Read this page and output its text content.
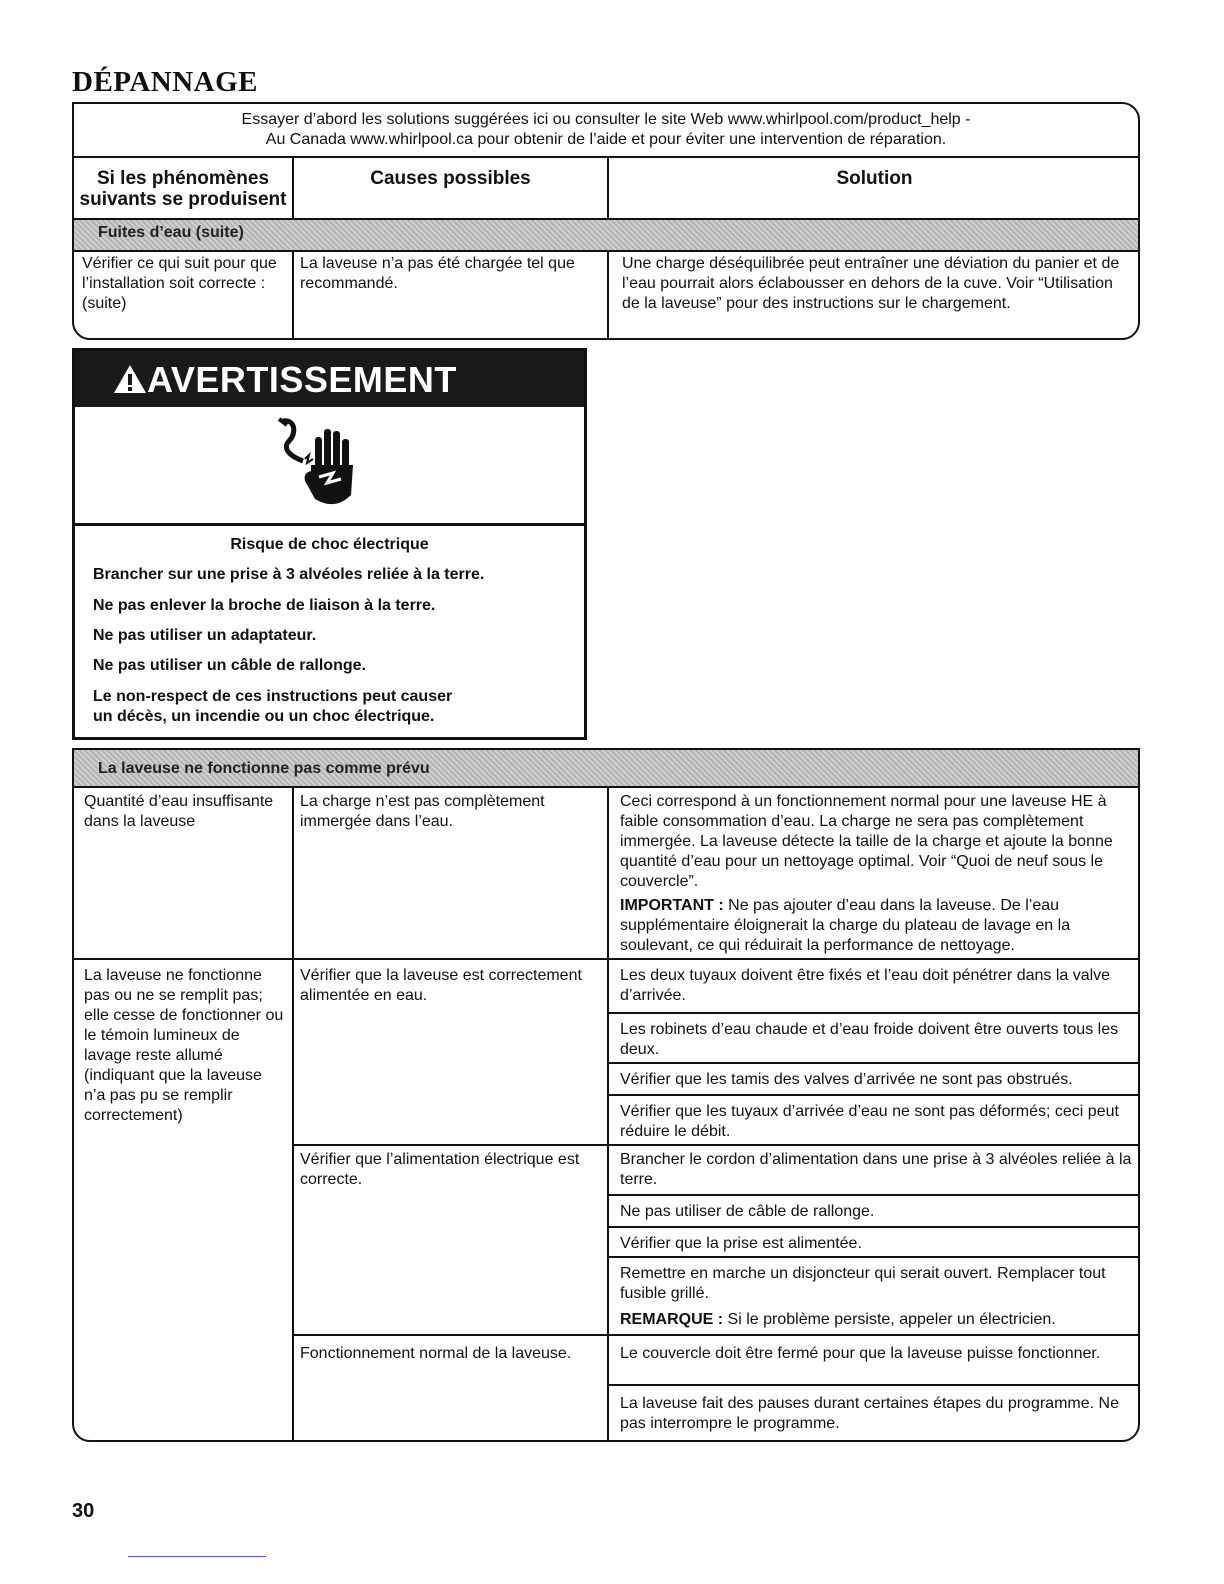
DÉPANNAGE
Essayer d’abord les solutions suggérées ici ou consulter le site Web www.whirlpool.com/product_help -
Au Canada www.whirlpool.ca pour obtenir de l’aide et pour éviter une intervention de réparation.
Si les phénomènes
suivants se produisent
Causes possibles	Solution
Fuites d’eau (suite)
Vérifier ce qui suit pour que l’installation soit correcte : (suite)
La laveuse n’a pas été chargée tel que recommandé.
Une charge déséquilibrée peut entraîner une déviation du panier et de l’eau pourrait alors éclabousser en dehors de la cuve. Voir “Utilisation de la laveuse” pour des instructions sur le chargement.
AVERTISSEMENT
Risque de choc électrique
Brancher sur une prise à 3 alvéoles reliée à la terre.
Ne pas enlever la broche de liaison à la terre.
Ne pas utiliser un adaptateur.
Ne pas utiliser un câble de rallonge.
Le non-respect de ces instructions peut causer
un décès, un incendie ou un choc électrique.
La laveuse ne fonctionne pas comme prévu
Quantité d’eau insuffisante dans la laveuse
La charge n’est pas complètement immergée dans l’eau.
Ceci correspond à un fonctionnement normal pour une laveuse HE à faible consommation d’eau. La charge ne sera pas complètement immergée. La laveuse détecte la taille de la charge et ajoute la bonne quantité d’eau pour un nettoyage optimal. Voir “Quoi de neuf sous le couvercle”.
IMPORTANT : Ne pas ajouter d’eau dans la laveuse. De l’eau supplémentaire éloignerait la charge du plateau de lavage en la soulevant, ce qui réduirait la performance de nettoyage.
La laveuse ne fonctionne pas ou ne se remplit pas; elle cesse de fonctionner ou le témoin lumineux de lavage reste allumé (indiquant que la laveuse n’a pas pu se remplir correctement)
Vérifier que la laveuse est correctement alimentée en eau.
Les deux tuyaux doivent être fixés et l’eau doit pénétrer dans la valve d’arrivée.
Les robinets d’eau chaude et d’eau froide doivent être ouverts tous les deux.
Vérifier que les tamis des valves d’arrivée ne sont pas obstrués.
Vérifier que les tuyaux d’arrivée d’eau ne sont pas déformés; ceci peut réduire le débit.
Vérifier que l’alimentation électrique est correcte.
Brancher le cordon d’alimentation dans une prise à 3 alvéoles reliée à la terre.
Ne pas utiliser de câble de rallonge.
Vérifier que la prise est alimentée.
Remettre en marche un disjoncteur qui serait ouvert. Remplacer tout fusible grillé.
REMARQUE : Si le problème persiste, appeler un électricien.
Fonctionnement normal de la laveuse.	Le couvercle doit être fermé pour que la laveuse puisse fonctionner.
La laveuse fait des pauses durant certaines étapes du programme. Ne pas interrompre le programme.
30
